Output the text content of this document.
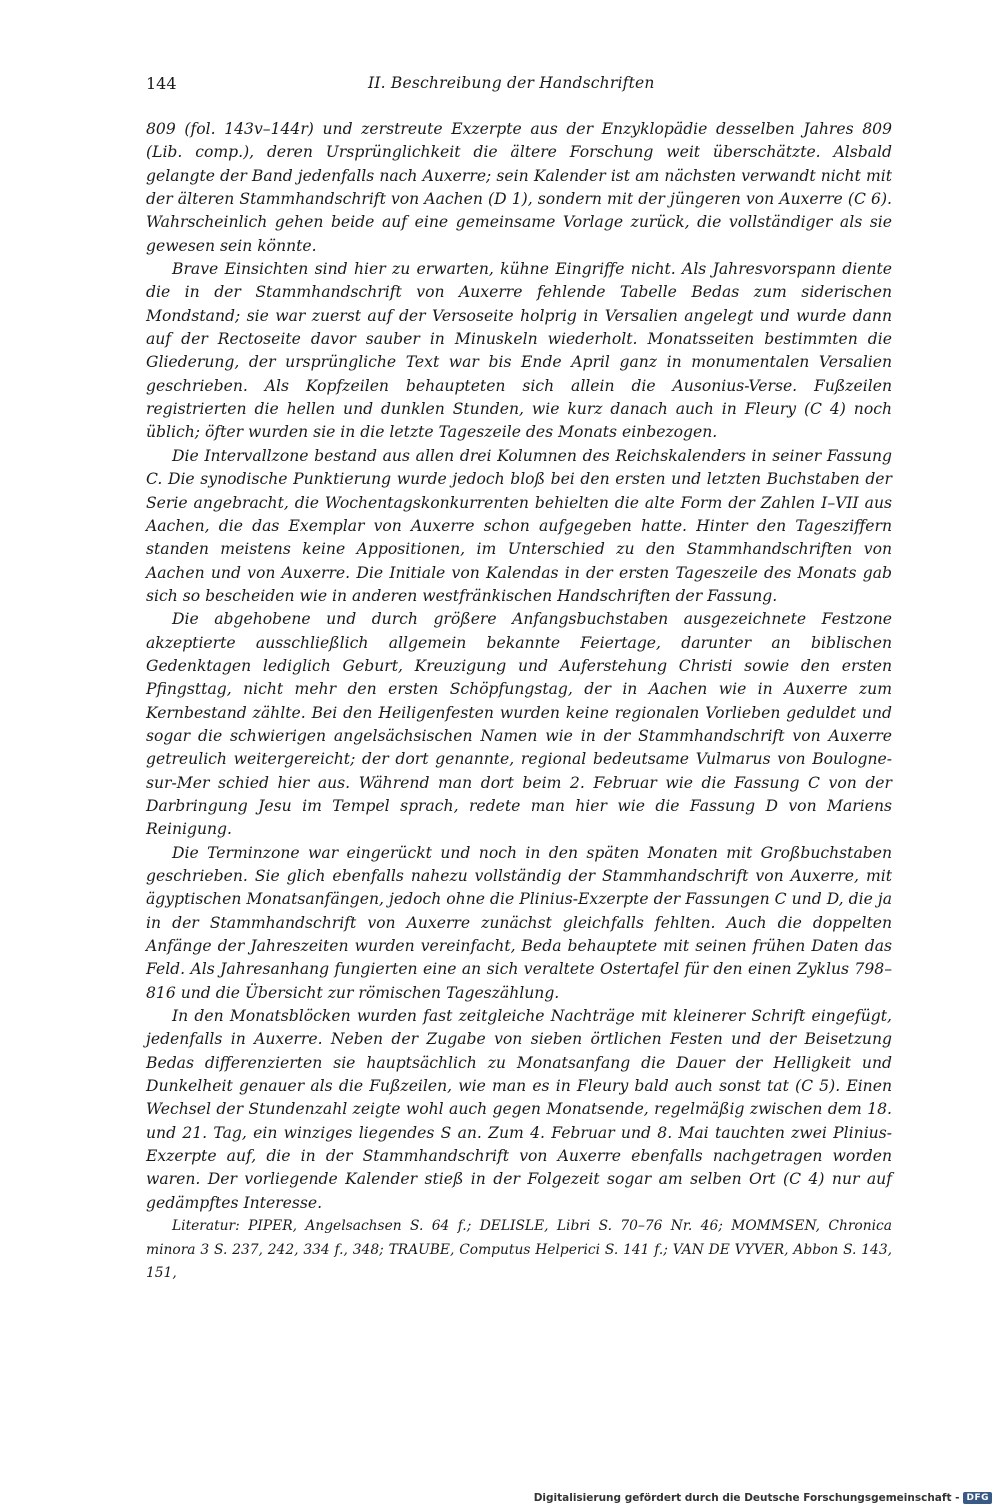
144	II. Beschreibung der Handschriften

809 (fol. 143v–144r) und zerstreute Exzerpte aus der Enzyklopädie desselben Jahres 809 (Lib. comp.), deren Ursprünglichkeit die ältere Forschung weit überschätzte. Alsbald gelangte der Band jedenfalls nach Auxerre; sein Kalender ist am nächsten verwandt nicht mit der älteren Stammhandschrift von Aachen (D 1), sondern mit der jüngeren von Auxerre (C 6). Wahrscheinlich gehen beide auf eine gemeinsame Vorlage zurück, die vollständiger als sie gewesen sein könnte.

Brave Einsichten sind hier zu erwarten, kühne Eingriffe nicht. Als Jahresvorspann diente die in der Stammhandschrift von Auxerre fehlende Tabelle Bedas zum siderischen Mondstand; sie war zuerst auf der Versoseite holprig in Versalien angelegt und wurde dann auf der Rectoseite davor sauber in Minuskeln wiederholt. Monatsseiten bestimmten die Gliederung, der ursprüngliche Text war bis Ende April ganz in monumentalen Versalien geschrieben. Als Kopfzeilen behaupteten sich allein die Ausonius-Verse. Fußzeilen registrierten die hellen und dunklen Stunden, wie kurz danach auch in Fleury (C 4) noch üblich; öfter wurden sie in die letzte Tageszeile des Monats einbezogen.

Die Intervallzone bestand aus allen drei Kolumnen des Reichskalenders in seiner Fassung C. Die synodische Punktierung wurde jedoch bloß bei den ersten und letzten Buchstaben der Serie angebracht, die Wochentagskonkurrenten behielten die alte Form der Zahlen I–VII aus Aachen, die das Exemplar von Auxerre schon aufgegeben hatte. Hinter den Tagesziffern standen meistens keine Appositionen, im Unterschied zu den Stammhandschriften von Aachen und von Auxerre. Die Initiale von Kalendas in der ersten Tageszeile des Monats gab sich so bescheiden wie in anderen westfränkischen Handschriften der Fassung.

Die abgehobene und durch größere Anfangsbuchstaben ausgezeichnete Festzone akzeptierte ausschließlich allgemein bekannte Feiertage, darunter an biblischen Gedenktagen lediglich Geburt, Kreuzigung und Auferstehung Christi sowie den ersten Pfingsttag, nicht mehr den ersten Schöpfungstag, der in Aachen wie in Auxerre zum Kernbestand zählte. Bei den Heiligenfesten wurden keine regionalen Vorlieben geduldet und sogar die schwierigen angelsächsischen Namen wie in der Stammhandschrift von Auxerre getreulich weitergereicht; der dort genannte, regional bedeutsame Vulmarus von Boulogne-sur-Mer schied hier aus. Während man dort beim 2. Februar wie die Fassung C von der Darbringung Jesu im Tempel sprach, redete man hier wie die Fassung D von Mariens Reinigung.

Die Terminzone war eingerückt und noch in den späten Monaten mit Großbuchstaben geschrieben. Sie glich ebenfalls nahezu vollständig der Stammhandschrift von Auxerre, mit ägyptischen Monatsanfängen, jedoch ohne die Plinius-Exzerpte der Fassungen C und D, die ja in der Stammhandschrift von Auxerre zunächst gleichfalls fehlten. Auch die doppelten Anfänge der Jahreszeiten wurden vereinfacht, Beda behauptete mit seinen frühen Daten das Feld. Als Jahresanhang fungierten eine an sich veraltete Ostertafel für den einen Zyklus 798–816 und die Übersicht zur römischen Tageszählung.

In den Monatsblöcken wurden fast zeitgleiche Nachträge mit kleinerer Schrift eingefügt, jedenfalls in Auxerre. Neben der Zugabe von sieben örtlichen Festen und der Beisetzung Bedas differenzierten sie hauptsächlich zu Monatsanfang die Dauer der Helligkeit und Dunkelheit genauer als die Fußzeilen, wie man es in Fleury bald auch sonst tat (C 5). Einen Wechsel der Stundenzahl zeigte wohl auch gegen Monatsende, regelmäßig zwischen dem 18. und 21. Tag, ein winziges liegendes S an. Zum 4. Februar und 8. Mai tauchten zwei Plinius-Exzerpte auf, die in der Stammhandschrift von Auxerre ebenfalls nachgetragen worden waren. Der vorliegende Kalender stieß in der Folgezeit sogar am selben Ort (C 4) nur auf gedämpftes Interesse.

Literatur: PIPER, Angelsachsen S. 64 f.; DELISLE, Libri S. 70–76 Nr. 46; MOMMSEN, Chronica minora 3 S. 237, 242, 334 f., 348; TRAUBE, Computus Helperici S. 141 f.; VAN DE VYVER, Abbon S. 143, 151,

Digitalisierung gefördert durch die Deutsche Forschungsgemeinschaft - DFG
